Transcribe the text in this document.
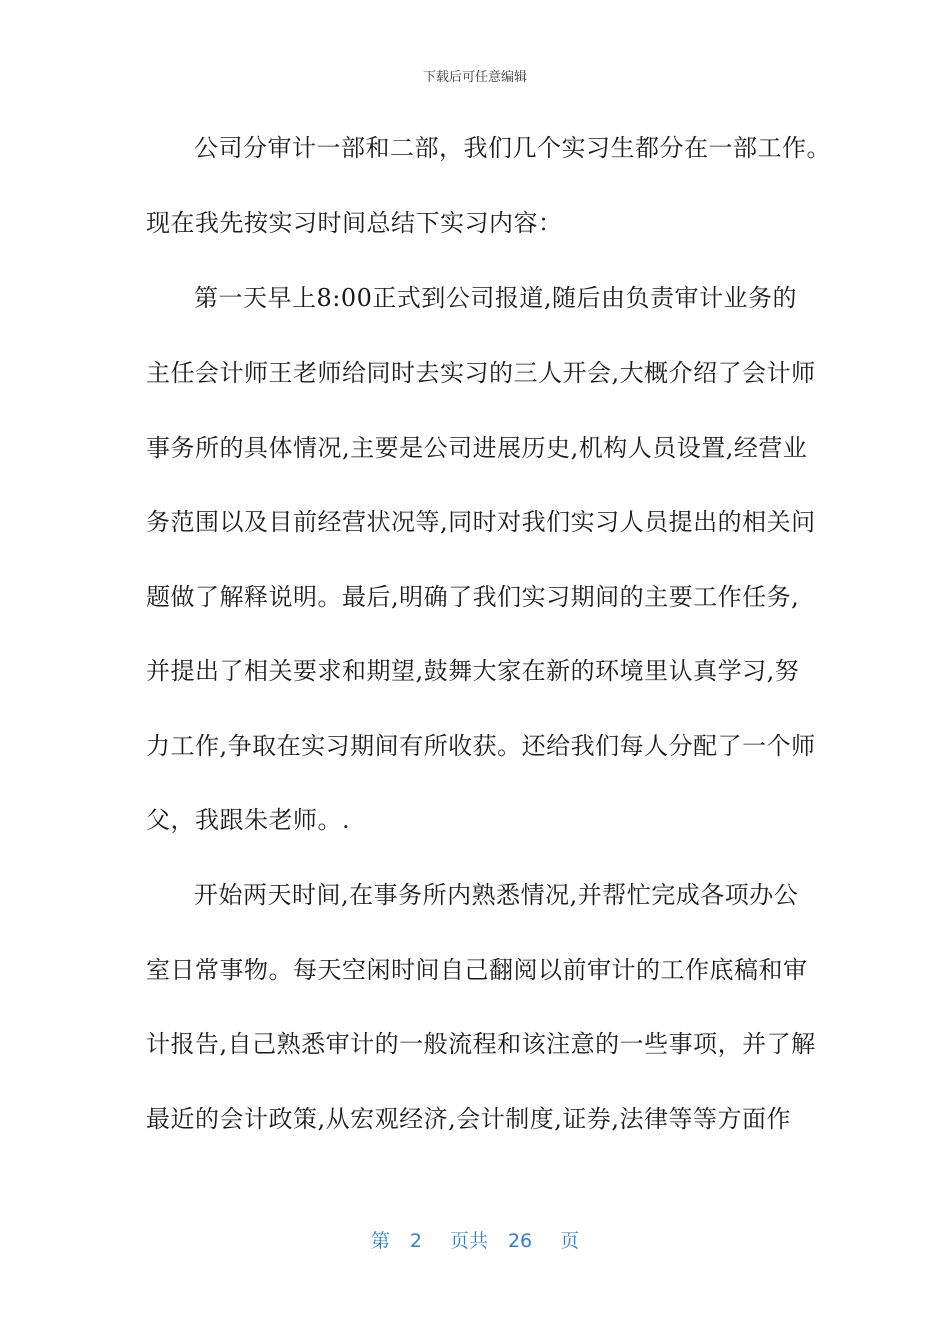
下载后可任意编辑
公司分审计一部和二部，我们几个实习生都分在一部工作。
现在我先按实习时间总结下实习内容：
第一天早上8:00正式到公司报道,随后由负责审计业务的
主任会计师王老师给同时去实习的三人开会,大概介绍了会计师
事务所的具体情况,主要是公司进展历史,机构人员设置,经营业
务范围以及目前经营状况等,同时对我们实习人员提出的相关问
题做了解释说明。最后,明确了我们实习期间的主要工作任务,
并提出了相关要求和期望,鼓舞大家在新的环境里认真学习,努
力工作,争取在实习期间有所收获。还给我们每人分配了一个师
父，我跟朱老师。.
开始两天时间,在事务所内熟悉情况,并帮忙完成各项办公
室日常事物。每天空闲时间自己翻阅以前审计的工作底稿和审
计报告,自己熟悉审计的一般流程和该注意的一些事项，并了解
最近的会计政策,从宏观经济,会计制度,证券,法律等等方面作
第 2 页共 26 页
